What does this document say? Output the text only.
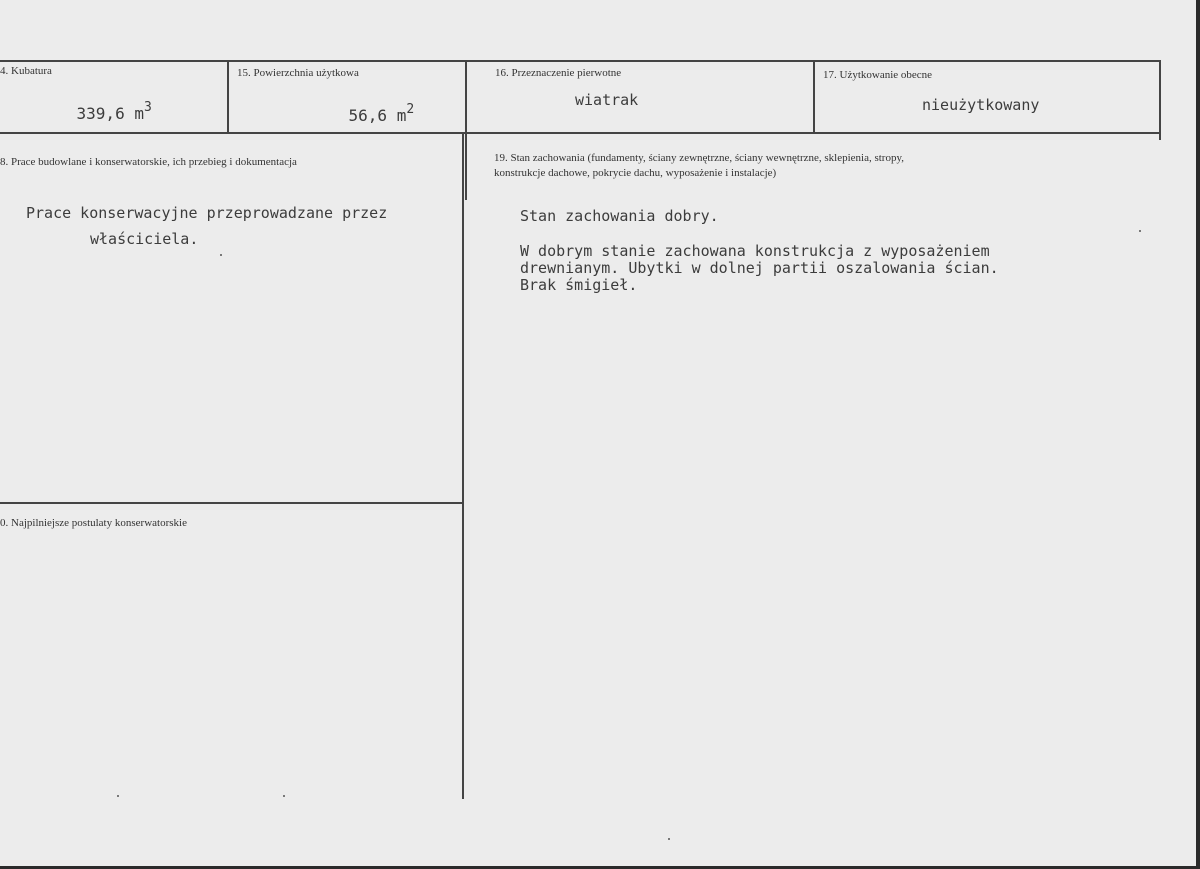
4. Kubatura

339,6 $m^3$

15. Powierzchnia użytkowa

56,6 $m^2$

16. Przeznaczenie pierwotne
wiatrak
17. Użytkowanie obecne
nieużytkowany
8. Prace budowlane i konserwatorskie, ich przebieg i dokumentacja
Prace konserwacyjne przeprowadzane przez
właściciela.
19. Stan zachowania (fundamenty, ściany zewnętrzne, ściany wewnętrzne, sklepienia, stropy,
konstrukcje dachowe, pokrycie dachu, wyposażenie i instalacje)
Stan zachowania dobry.
W dobrym stanie zachowana konstrukcja z wyposażeniem
drewnianym. Ubytki w dolnej partii oszalowania ścian.
Brak śmigieł.
0. Najpilniejsze postulaty konserwatorskie
